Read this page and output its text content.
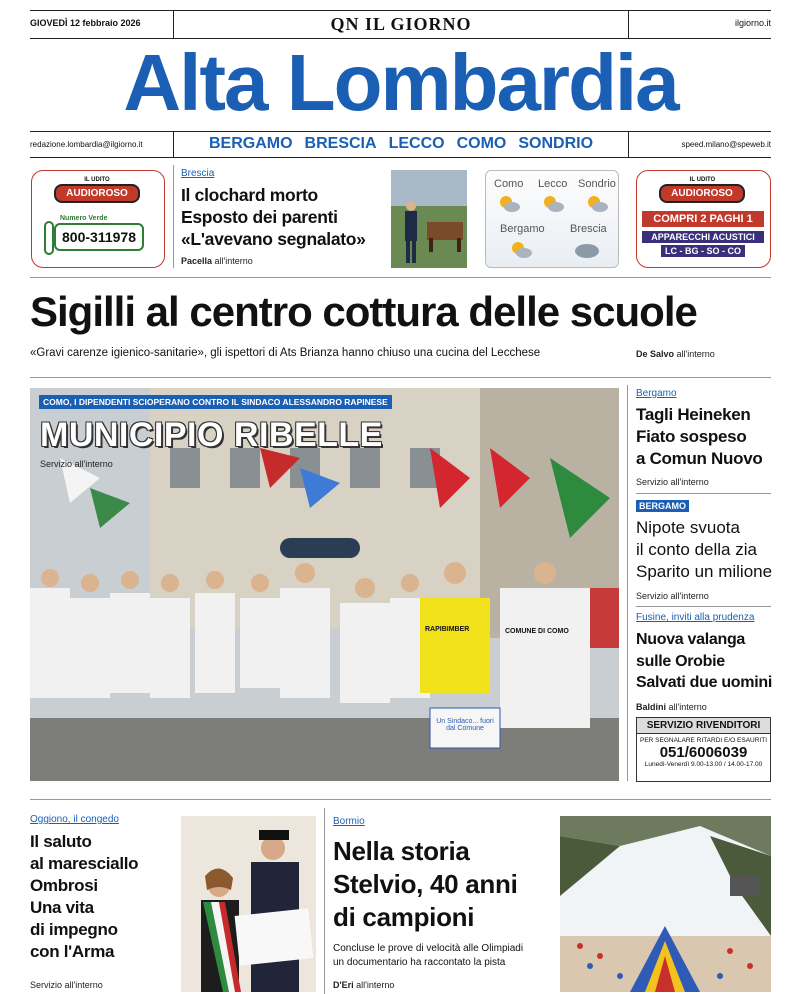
GIOVEDÌ 12 febbraio 2026	QN IL GIORNO	ilgiorno.it
Alta Lombardia
redazione.lombardia@ilgiorno.it	BERGAMO BRESCIA LECCO COMO SONDRIO	speed.milano@speweb.it
IL UDITO
AUDIOROSO
Numero Verde
800-311978
Brescia
Il clochard morto
Esposto dei parenti
«L'avevano segnalato»
Pacella all'interno
Como Lecco Sondrio
Bergamo Brescia
IL UDITO
AUDIOROSO
COMPRI 2 PAGHI 1
APPARECCHI ACUSTICI
LC - BG - SO - CO
Sigilli al centro cottura delle scuole
«Gravi carenze igienico-sanitarie», gli ispettori di Ats Brianza hanno chiuso una cucina del Lecchese	De Salvo all'interno
COMO, I DIPENDENTI SCIOPERANO CONTRO IL SINDACO ALESSANDRO RAPINESE
MUNICIPIO RIBELLE
Servizio all'interno
COMUNE DI COMO
RAPIBIMBER
Un Sindaco... fuori dal Comune
Bergamo
Tagli Heineken
Fiato sospeso
a Comun Nuovo
Servizio all'interno
BERGAMO
Nipote svuota
il conto della zia
Sparito un milione
Servizio all'interno
Fusine, inviti alla prudenza
Nuova valanga
sulle Orobie
Salvati due uomini
Baldini all'interno
SERVIZIO RIVENDITORI
PER SEGNALARE RITARDI E/O ESAURITI
051/6006039
Lunedì-Venerdì 9.00-13.00 / 14.00-17.00
Oggiono, il congedo
Il saluto
al maresciallo
Ombrosi
Una vita
di impegno
con l'Arma
Servizio all'interno
Bormio
Nella storia
Stelvio, 40 anni
di campioni
Concluse le prove di velocità alle Olimpiadi
un documentario ha raccontato la pista
D'Eri all'interno
